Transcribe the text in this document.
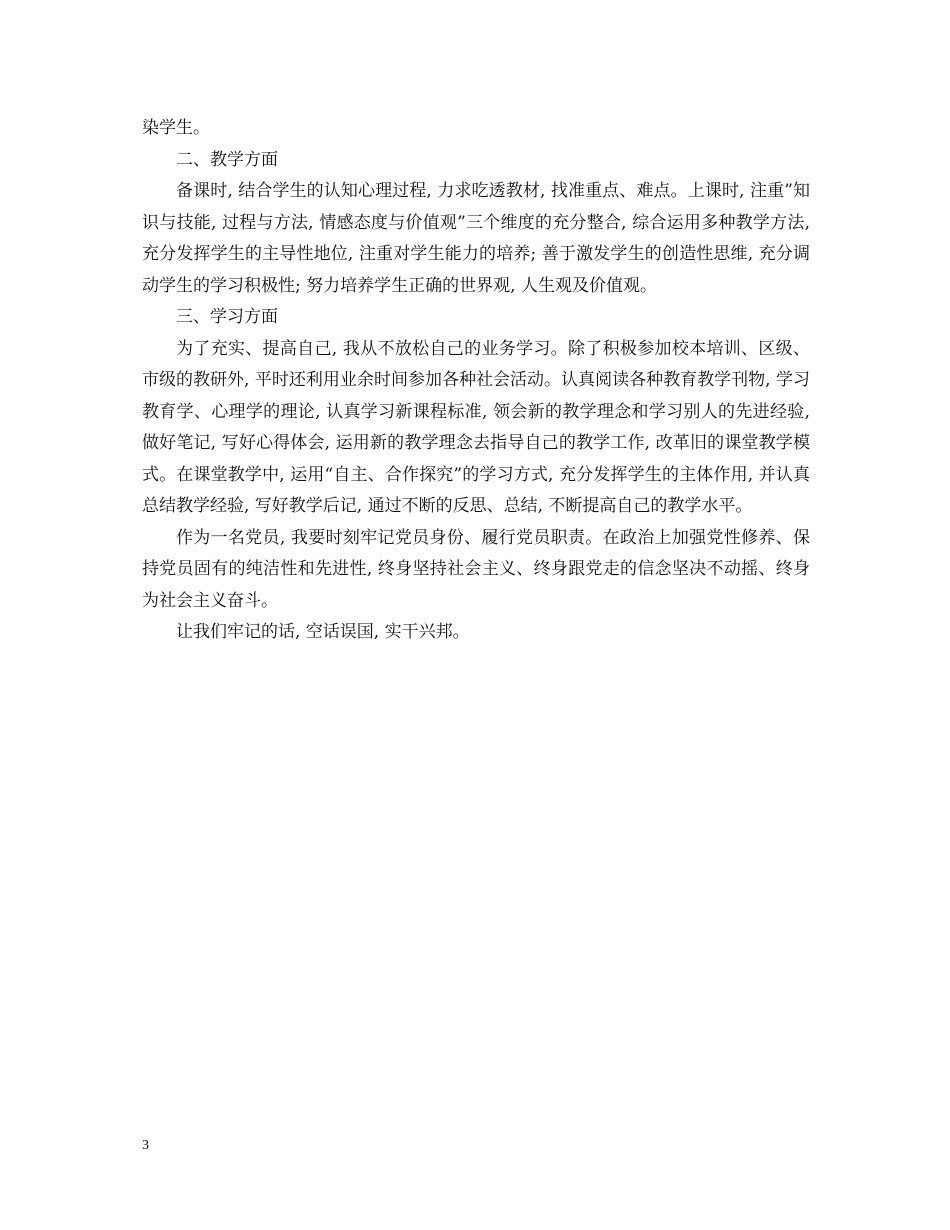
染学生。

二、教学方面

备课时, 结合学生的认知心理过程, 力求吃透教材, 找准重点、难点。上课时, 注重”知识与技能, 过程与方法, 情感态度与价值观”三个维度的充分整合, 综合运用多种教学方法, 充分发挥学生的主导性地位, 注重对学生能力的培养; 善于激发学生的创造性思维, 充分调动学生的学习积极性; 努力培养学生正确的世界观, 人生观及价值观。

三、学习方面

为了充实、提高自己, 我从不放松自己的业务学习。除了积极参加校本培训、区级、市级的教研外, 平时还利用业余时间参加各种社会活动。认真阅读各种教育教学刊物, 学习教育学、心理学的理论, 认真学习新课程标准, 领会新的教学理念和学习别人的先进经验, 做好笔记, 写好心得体会, 运用新的教学理念去指导自己的教学工作, 改革旧的课堂教学模式。在课堂教学中, 运用“自主、合作探究”的学习方式, 充分发挥学生的主体作用, 并认真总结教学经验, 写好教学后记, 通过不断的反思、总结, 不断提高自己的教学水平。

作为一名党员, 我要时刻牢记党员身份、履行党员职责。在政治上加强党性修养、保持党员固有的纯洁性和先进性, 终身坚持社会主义、终身跟党走的信念坚决不动摇、终身为社会主义奋斗。

让我们牢记的话, 空话误国, 实干兴邦。

3
